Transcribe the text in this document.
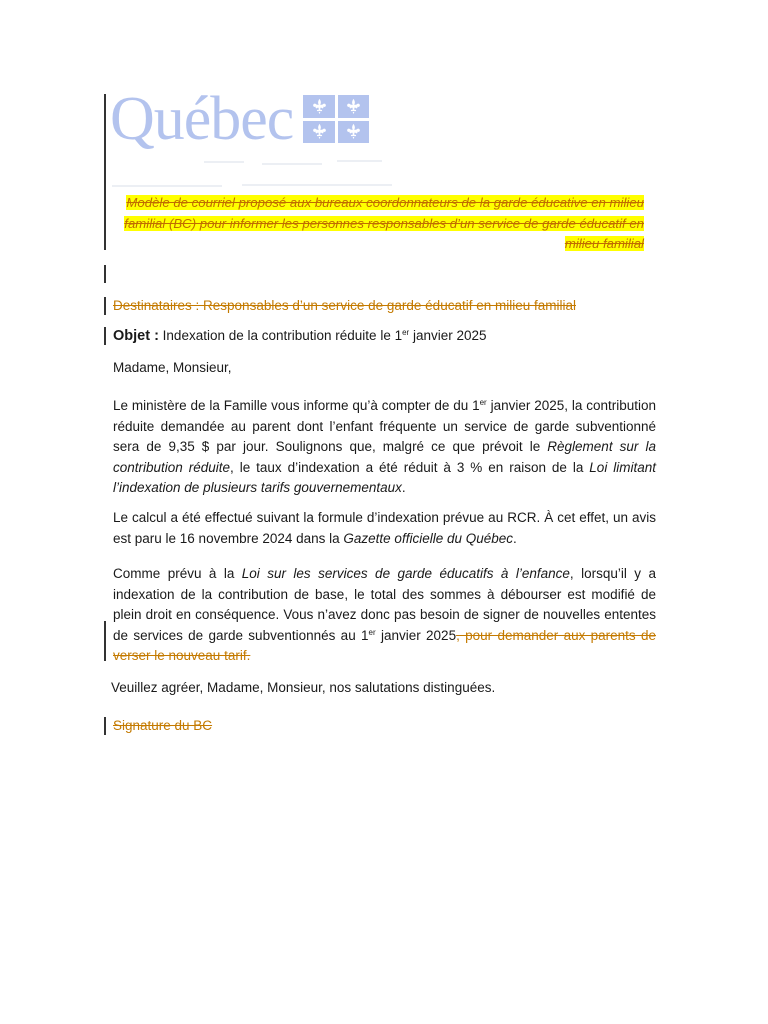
Québec
Modèle de courriel proposé aux bureaux coordonnateurs de la garde éducative en milieu familial (BC) pour informer les personnes responsables d’un service de garde éducatif en milieu familial
Destinataires : Responsables d’un service de garde éducatif en milieu familial
Objet : Indexation de la contribution réduite le 1er janvier 2025
Madame, Monsieur,
Le ministère de la Famille vous informe qu’à compter de du 1er janvier 2025, la contribution réduite demandée au parent dont l’enfant fréquente un service de garde subventionné sera de 9,35 $ par jour. Soulignons que, malgré ce que prévoit le Règlement sur la contribution réduite, le taux d’indexation a été réduit à 3 % en raison de la Loi limitant l’indexation de plusieurs tarifs gouvernementaux.
Le calcul a été effectué suivant la formule d’indexation prévue au RCR. À cet effet, un avis est paru le 16 novembre 2024 dans la Gazette officielle du Québec.
Comme prévu à la Loi sur les services de garde éducatifs à l’enfance, lorsqu’il y a indexation de la contribution de base, le total des sommes à débourser est modifié de plein droit en conséquence. Vous n’avez donc pas besoin de signer de nouvelles ententes de services de garde subventionnés au 1er janvier 2025, pour demander aux parents de verser le nouveau tarif.
Veuillez agréer, Madame, Monsieur, nos salutations distinguées.
Signature du BC
